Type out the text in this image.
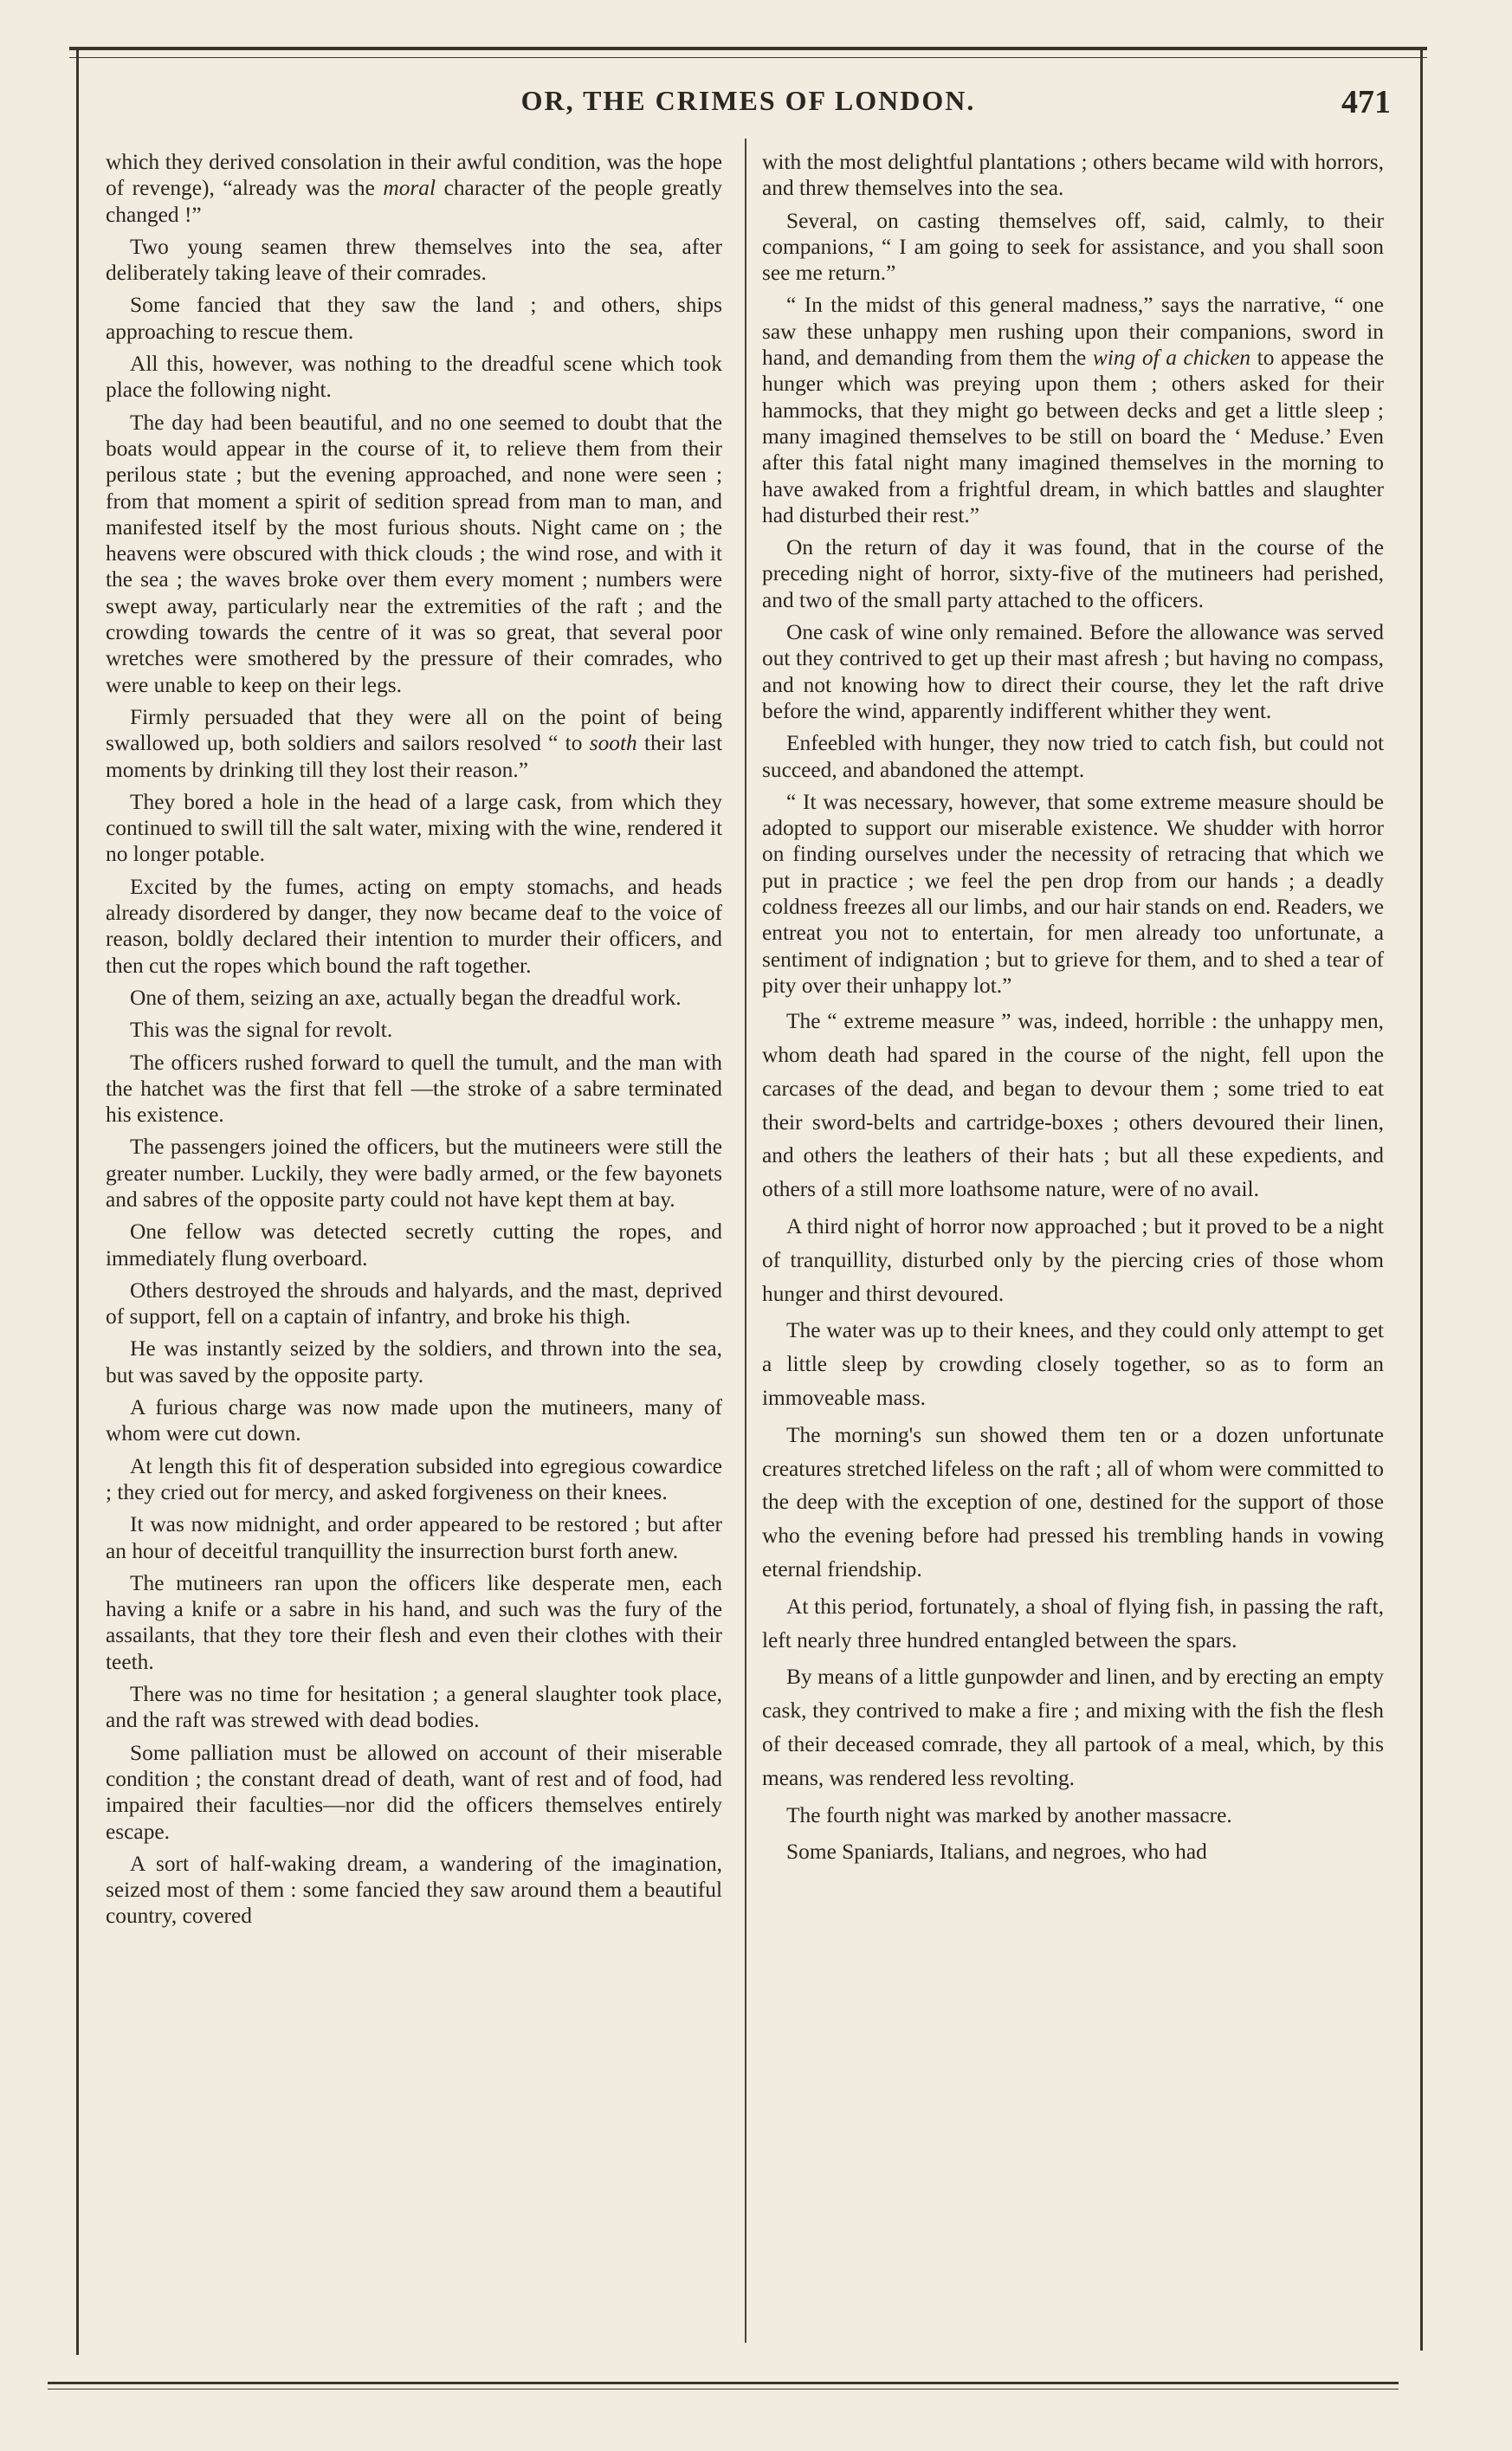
OR, THE CRIMES OF LONDON.	471

which they derived consolation in their awful condition, was the hope of revenge), “already was the moral character of the people greatly changed !”

Two young seamen threw themselves into the sea, after deliberately taking leave of their comrades.

Some fancied that they saw the land ; and others, ships approaching to rescue them.

All this, however, was nothing to the dreadful scene which took place the following night.

The day had been beautiful, and no one seemed to doubt that the boats would appear in the course of it, to relieve them from their perilous state ; but the evening approached, and none were seen ; from that moment a spirit of sedition spread from man to man, and manifested itself by the most furious shouts. Night came on ; the heavens were obscured with thick clouds ; the wind rose, and with it the sea ; the waves broke over them every moment ; numbers were swept away, particularly near the extremities of the raft ; and the crowding towards the centre of it was so great, that several poor wretches were smothered by the pressure of their comrades, who were unable to keep on their legs.

Firmly persuaded that they were all on the point of being swallowed up, both soldiers and sailors resolved “ to sooth their last moments by drinking till they lost their reason.”

They bored a hole in the head of a large cask, from which they continued to swill till the salt water, mixing with the wine, rendered it no longer potable.

Excited by the fumes, acting on empty stomachs, and heads already disordered by danger, they now became deaf to the voice of reason, boldly declared their intention to murder their officers, and then cut the ropes which bound the raft together.

One of them, seizing an axe, actually began the dreadful work.

This was the signal for revolt.

The officers rushed forward to quell the tumult, and the man with the hatchet was the first that fell —the stroke of a sabre terminated his existence.

The passengers joined the officers, but the mutineers were still the greater number. Luckily, they were badly armed, or the few bayonets and sabres of the opposite party could not have kept them at bay.

One fellow was detected secretly cutting the ropes, and immediately flung overboard.

Others destroyed the shrouds and halyards, and the mast, deprived of support, fell on a captain of infantry, and broke his thigh.

He was instantly seized by the soldiers, and thrown into the sea, but was saved by the opposite party.

A furious charge was now made upon the mutineers, many of whom were cut down.

At length this fit of desperation subsided into egregious cowardice ; they cried out for mercy, and asked forgiveness on their knees.

It was now midnight, and order appeared to be restored ; but after an hour of deceitful tranquillity the insurrection burst forth anew.

The mutineers ran upon the officers like desperate men, each having a knife or a sabre in his hand, and such was the fury of the assailants, that they tore their flesh and even their clothes with their teeth.

There was no time for hesitation ; a general slaughter took place, and the raft was strewed with dead bodies.

Some palliation must be allowed on account of their miserable condition ; the constant dread of death, want of rest and of food, had impaired their faculties—nor did the officers themselves entirely escape.

A sort of half-waking dream, a wandering of the imagination, seized most of them : some fancied they saw around them a beautiful country, covered

with the most delightful plantations ; others became wild with horrors, and threw themselves into the sea.

Several, on casting themselves off, said, calmly, to their companions, “ I am going to seek for assistance, and you shall soon see me return.”

“ In the midst of this general madness,” says the narrative, “ one saw these unhappy men rushing upon their companions, sword in hand, and demanding from them the wing of a chicken to appease the hunger which was preying upon them ; others asked for their hammocks, that they might go between decks and get a little sleep ; many imagined themselves to be still on board the ‘ Meduse.’ Even after this fatal night many imagined themselves in the morning to have awaked from a frightful dream, in which battles and slaughter had disturbed their rest.”

On the return of day it was found, that in the course of the preceding night of horror, sixty-five of the mutineers had perished, and two of the small party attached to the officers.

One cask of wine only remained. Before the allowance was served out they contrived to get up their mast afresh ; but having no compass, and not knowing how to direct their course, they let the raft drive before the wind, apparently indifferent whither they went.

Enfeebled with hunger, they now tried to catch fish, but could not succeed, and abandoned the attempt.

“ It was necessary, however, that some extreme measure should be adopted to support our miserable existence. We shudder with horror on finding ourselves under the necessity of retracing that which we put in practice ; we feel the pen drop from our hands ; a deadly coldness freezes all our limbs, and our hair stands on end. Readers, we entreat you not to entertain, for men already too unfortunate, a sentiment of indignation ; but to grieve for them, and to shed a tear of pity over their unhappy lot.”

The “ extreme measure ” was, indeed, horrible : the unhappy men, whom death had spared in the course of the night, fell upon the carcases of the dead, and began to devour them ; some tried to eat their sword-belts and cartridge-boxes ; others devoured their linen, and others the leathers of their hats ; but all these expedients, and others of a still more loathsome nature, were of no avail.

A third night of horror now approached ; but it proved to be a night of tranquillity, disturbed only by the piercing cries of those whom hunger and thirst devoured.

The water was up to their knees, and they could only attempt to get a little sleep by crowding closely together, so as to form an immoveable mass.

The morning's sun showed them ten or a dozen unfortunate creatures stretched lifeless on the raft ; all of whom were committed to the deep with the exception of one, destined for the support of those who the evening before had pressed his trembling hands in vowing eternal friendship.

At this period, fortunately, a shoal of flying fish, in passing the raft, left nearly three hundred entangled between the spars.

By means of a little gunpowder and linen, and by erecting an empty cask, they contrived to make a fire ; and mixing with the fish the flesh of their deceased comrade, they all partook of a meal, which, by this means, was rendered less revolting.

The fourth night was marked by another massacre.

Some Spaniards, Italians, and negroes, who had
